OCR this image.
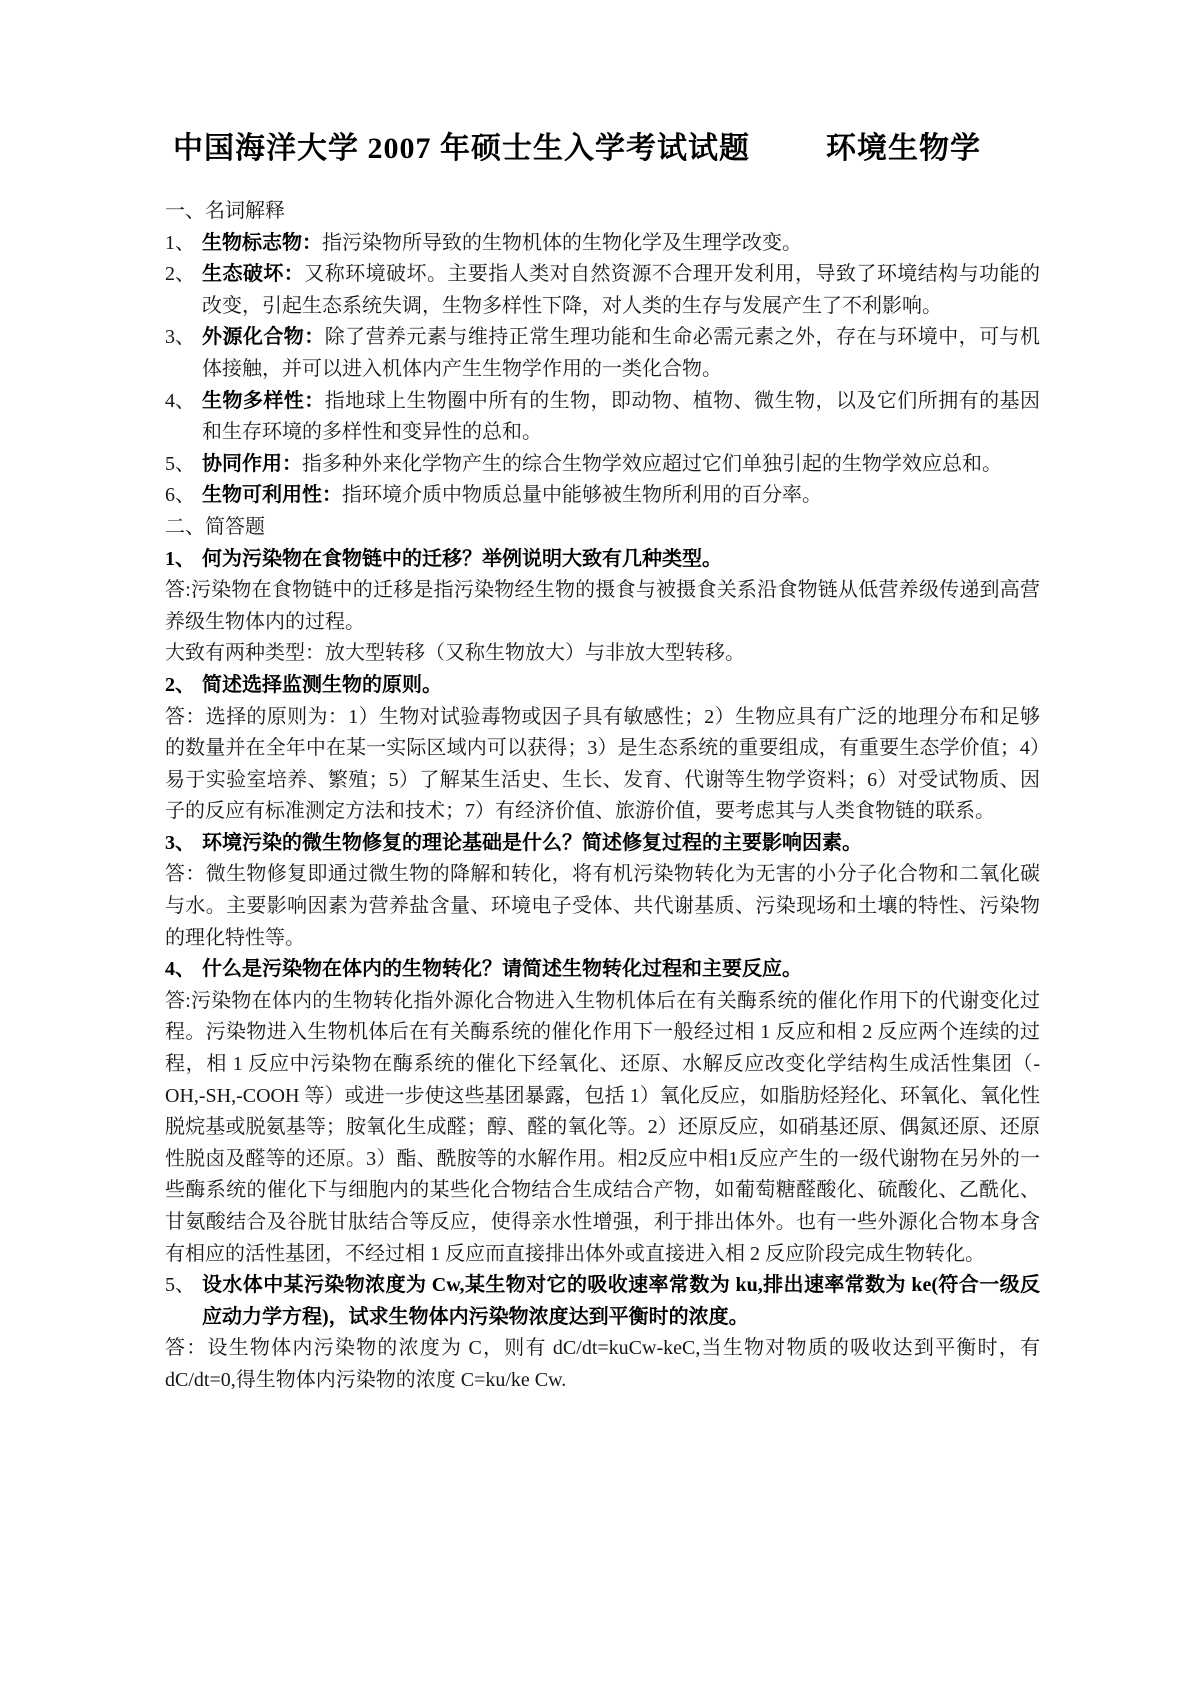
中国海洋大学 2007 年硕士生入学考试试题	环境生物学

一、名词解释

1、 生物标志物：指污染物所导致的生物机体的生物化学及生理学改变。
2、 生态破坏：又称环境破坏。主要指人类对自然资源不合理开发利用，导致了环境结构与功能的改变，引起生态系统失调，生物多样性下降，对人类的生存与发展产生了不利影响。
3、 外源化合物：除了营养元素与维持正常生理功能和生命必需元素之外，存在与环境中，可与机体接触，并可以进入机体内产生生物学作用的一类化合物。
4、 生物多样性：指地球上生物圈中所有的生物，即动物、植物、微生物，以及它们所拥有的基因和生存环境的多样性和变异性的总和。
5、 协同作用：指多种外来化学物产生的综合生物学效应超过它们单独引起的生物学效应总和。
6、 生物可利用性：指环境介质中物质总量中能够被生物所利用的百分率。

二、简答题

1、 何为污染物在食物链中的迁移？举例说明大致有几种类型。

答:污染物在食物链中的迁移是指污染物经生物的摄食与被摄食关系沿食物链从低营养级传递到高营养级生物体内的过程。

大致有两种类型：放大型转移（又称生物放大）与非放大型转移。

2、 简述选择监测生物的原则。

答：选择的原则为：1）生物对试验毒物或因子具有敏感性；2）生物应具有广泛的地理分布和足够的数量并在全年中在某一实际区域内可以获得；3）是生态系统的重要组成，有重要生态学价值；4）易于实验室培养、繁殖；5）了解某生活史、生长、发育、代谢等生物学资料；6）对受试物质、因子的反应有标准测定方法和技术；7）有经济价值、旅游价值，要考虑其与人类食物链的联系。

3、 环境污染的微生物修复的理论基础是什么？简述修复过程的主要影响因素。

答：微生物修复即通过微生物的降解和转化，将有机污染物转化为无害的小分子化合物和二氧化碳与水。主要影响因素为营养盐含量、环境电子受体、共代谢基质、污染现场和土壤的特性、污染物的理化特性等。

4、 什么是污染物在体内的生物转化？请简述生物转化过程和主要反应。

答:污染物在体内的生物转化指外源化合物进入生物机体后在有关酶系统的催化作用下的代谢变化过程。污染物进入生物机体后在有关酶系统的催化作用下一般经过相 1 反应和相 2 反应两个连续的过程，相 1 反应中污染物在酶系统的催化下经氧化、还原、水解反应改变化学结构生成活性集团（-OH,-SH,-COOH 等）或进一步使这些基团暴露，包括 1）氧化反应，如脂肪烃羟化、环氧化、氧化性脱烷基或脱氨基等；胺氧化生成醛；醇、醛的氧化等。2）还原反应，如硝基还原、偶氮还原、还原性脱卤及醛等的还原。3）酯、酰胺等的水解作用。相2反应中相1反应产生的一级代谢物在另外的一些酶系统的催化下与细胞内的某些化合物结合生成结合产物，如葡萄糖醛酸化、硫酸化、乙酰化、甘氨酸结合及谷胱甘肽结合等反应，使得亲水性增强，利于排出体外。也有一些外源化合物本身含有相应的活性基团，不经过相 1 反应而直接排出体外或直接进入相 2 反应阶段完成生物转化。

5、 设水体中某污染物浓度为 Cw,某生物对它的吸收速率常数为 ku,排出速率常数为 ke(符合一级反应动力学方程)，试求生物体内污染物浓度达到平衡时的浓度。

答：设生物体内污染物的浓度为 C，则有 dC/dt=kuCw-keC,当生物对物质的吸收达到平衡时，有 dC/dt=0,得生物体内污染物的浓度 C=ku/ke Cw.
